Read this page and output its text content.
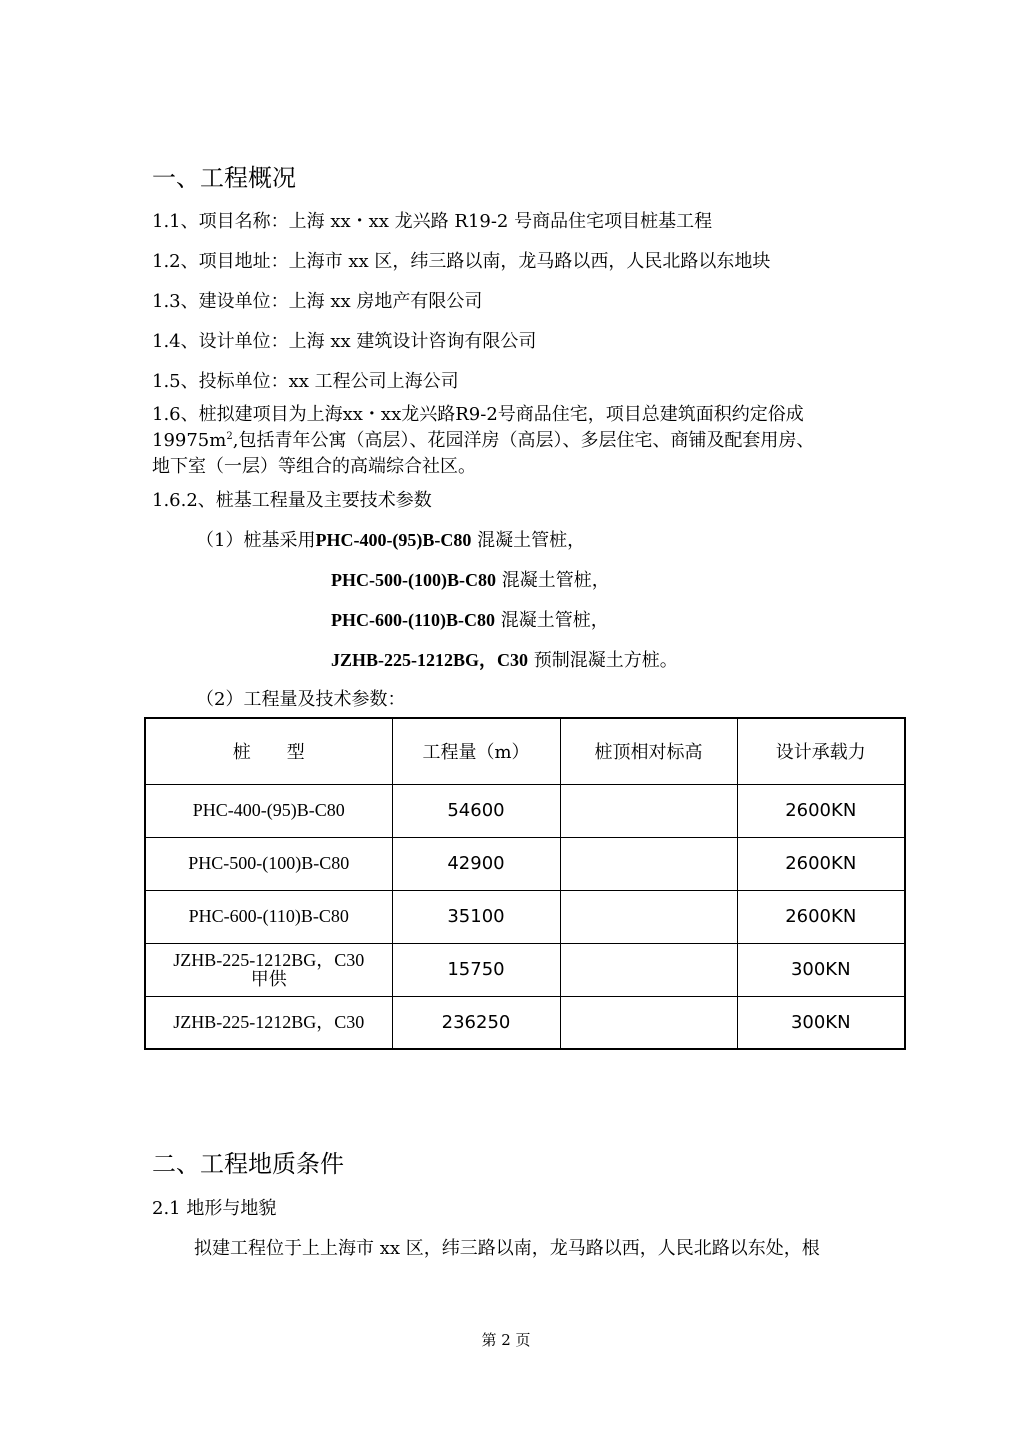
一、工程概况
1.1、项目名称：上海 xx・xx 龙兴路 R19-2 号商品住宅项目桩基工程
1.2、项目地址：上海市 xx 区，纬三路以南，龙马路以西，人民北路以东地块
1.3、建设单位：上海 xx 房地产有限公司
1.4、设计单位：上海 xx 建筑设计咨询有限公司
1.5、投标单位：xx 工程公司上海公司
1.6、桩拟建项目为上海xx・xx龙兴路R9-2号商品住宅，项目总建筑面积约定俗成
$19975m^2$,包括青年公寓（高层）、花园洋房（高层）、多层住宅、商铺及配套用房、
地下室（一层）等组合的高端综合社区。
1.6.2、桩基工程量及主要技术参数
（1）桩基采用PHC-400-(95)B-C80 混凝土管桩，
PHC-500-(100)B-C80 混凝土管桩，
PHC-600-(110)B-C80 混凝土管桩，
JZHB-225-1212BG，C30 预制混凝土方桩。
（2）工程量及技术参数：
桩　　型	工程量（m）	桩顶相对标高	设计承载力
PHC-400-(95)B-C80	54600		2600KN
PHC-500-(100)B-C80	42900		2600KN
PHC-600-(110)B-C80	35100		2600KN

JZHB-225-1212BG，C30
甲供	15750		300KN
JZHB-225-1212BG，C30	236250		300KN
二、工程地质条件
2.1 地形与地貌
拟建工程位于上上海市 xx 区，纬三路以南，龙马路以西，人民北路以东处，根
第 2 页
